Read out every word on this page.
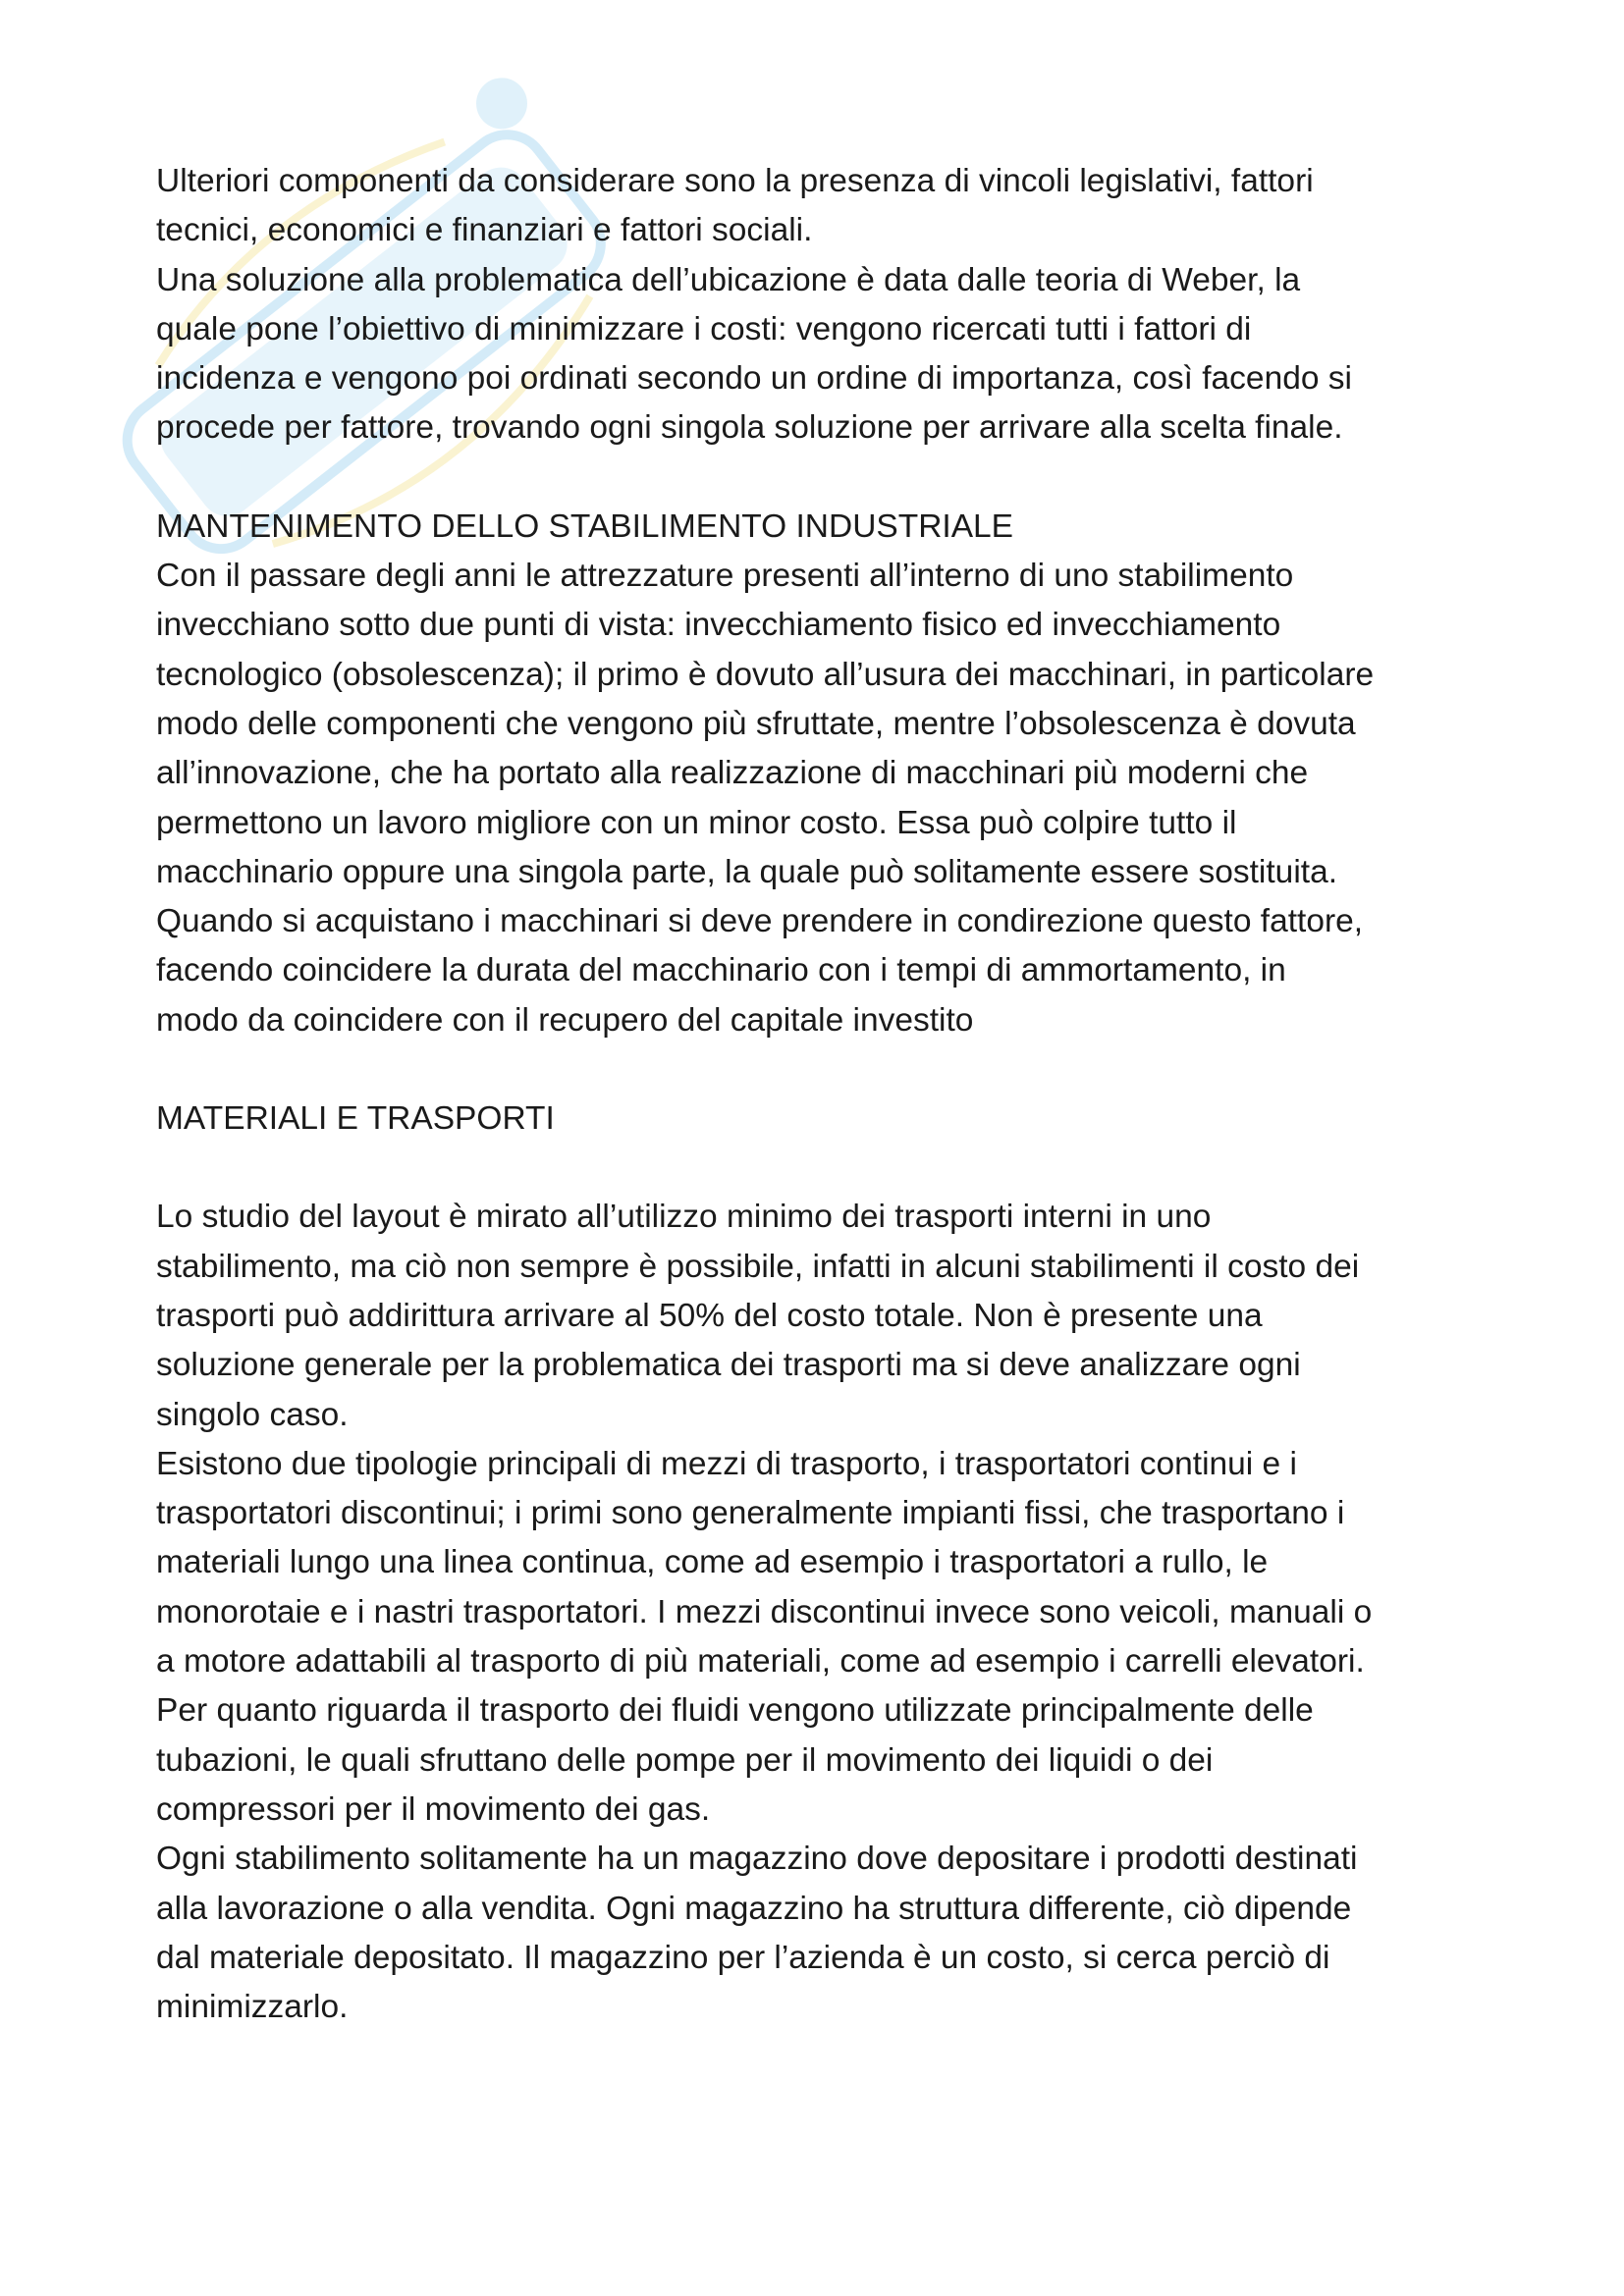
Ulteriori componenti da considerare sono la presenza di vincoli legislativi, fattori
tecnici, economici e finanziari e fattori sociali.
Una soluzione alla problematica dell’ubicazione è data dalle teoria di Weber, la
quale pone l’obiettivo di minimizzare i costi: vengono ricercati tutti i fattori di
incidenza e vengono poi ordinati secondo un ordine di importanza, così facendo si
procede per fattore, trovando ogni singola soluzione per arrivare alla scelta finale.

MANTENIMENTO DELLO STABILIMENTO INDUSTRIALE

Con il passare degli anni le attrezzature presenti all’interno di uno stabilimento
invecchiano sotto due punti di vista: invecchiamento fisico ed invecchiamento
tecnologico (obsolescenza); il primo è dovuto all’usura dei macchinari, in particolare
modo delle componenti che vengono più sfruttate, mentre l’obsolescenza è dovuta
all’innovazione, che ha portato alla realizzazione di macchinari più moderni che
permettono un lavoro migliore con un minor costo. Essa può colpire tutto il
macchinario oppure una singola parte, la quale può solitamente essere sostituita.
Quando si acquistano i macchinari si deve prendere in condirezione questo fattore,
facendo coincidere la durata del macchinario con i tempi di ammortamento, in
modo da coincidere con il recupero del capitale investito

MATERIALI E TRASPORTI

Lo studio del layout è mirato all’utilizzo minimo dei trasporti interni in uno
stabilimento, ma ciò non sempre è possibile, infatti in alcuni stabilimenti il costo dei
trasporti può addirittura arrivare al 50% del costo totale. Non è presente una
soluzione generale per la problematica dei trasporti ma si deve analizzare ogni
singolo caso.
Esistono due tipologie principali di mezzi di trasporto, i trasportatori continui e i
trasportatori discontinui; i primi sono generalmente impianti fissi, che trasportano i
materiali lungo una linea continua, come ad esempio i trasportatori a rullo, le
monorotaie e i nastri trasportatori. I mezzi discontinui invece sono veicoli, manuali o
a motore adattabili al trasporto di più materiali, come ad esempio i carrelli elevatori.
Per quanto riguarda il trasporto dei fluidi vengono utilizzate principalmente delle
tubazioni, le quali sfruttano delle pompe per il movimento dei liquidi o dei
compressori per il movimento dei gas.
Ogni stabilimento solitamente ha un magazzino dove depositare i prodotti destinati
alla lavorazione o alla vendita. Ogni magazzino ha struttura differente, ciò dipende
dal materiale depositato. Il magazzino per l’azienda è un costo, si cerca perciò di
minimizzarlo.
